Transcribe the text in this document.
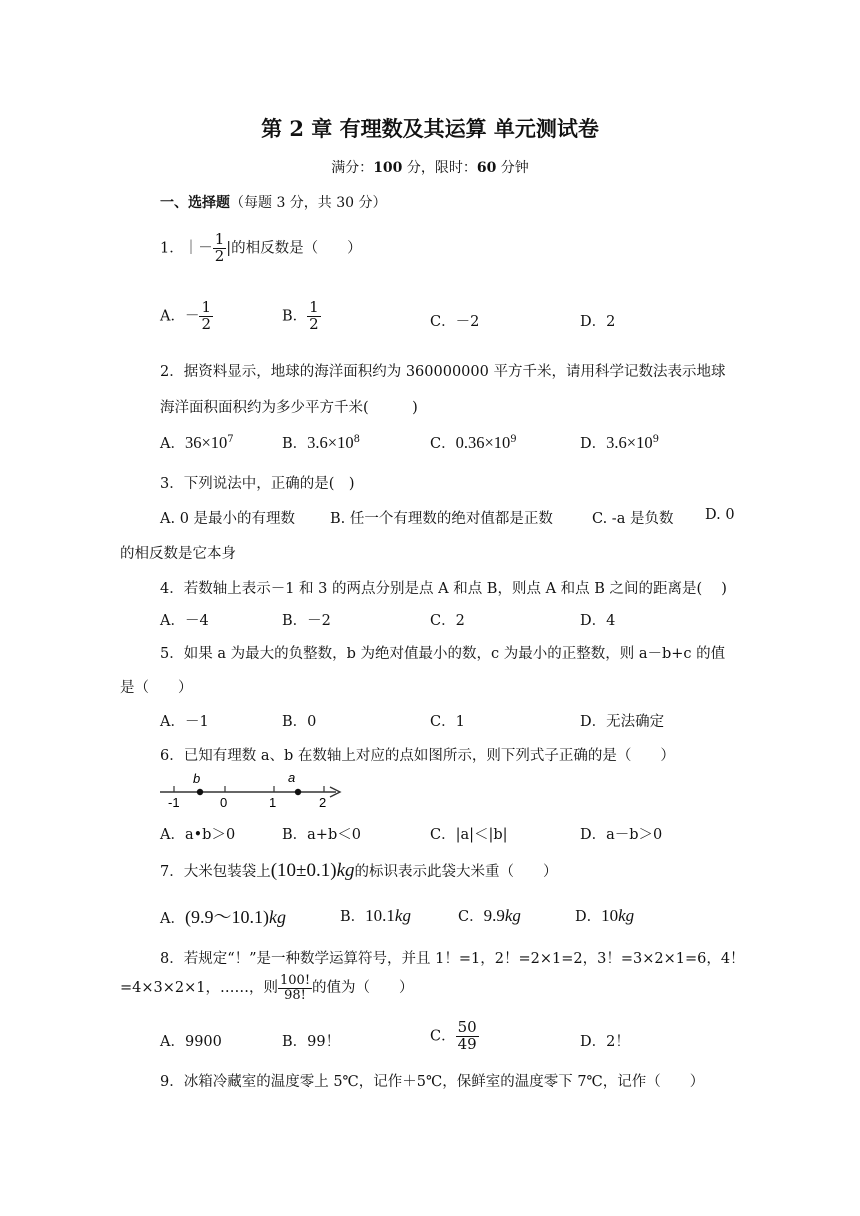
第 2 章 有理数及其运算 单元测试卷
满分：100 分，限时：60 分钟
一、选择题（每题 3 分，共 30 分）
1．｜－ $\frac{1}{2}$ |的相反数是（　　）
A．－ $\frac{1}{2}$	B． $\frac{1}{2}$	C．－2	D．2
2．据资料显示，地球的海洋面积约为 360000000 平方千米，请用科学记数法表示地球
海洋面积面积约为多少平方千米(　　　)
A．$36\times 10^7$	B．$3.6\times 10^8$	C．$0.36\times 10^9$	D．$3.6\times 10^9$
3．下列说法中，正确的是(　)
A. 0 是最小的有理数 B. 任一个有理数的绝对值都是正数	C. -a 是负数 D. 0
的相反数是它本身
4．若数轴上表示－1 和 3 的两点分别是点 A 和点 B，则点 A 和点 B 之间的距离是(　 )
A．－4	B．－2	C．2	D．4
5．如果 a 为最大的负整数，b 为绝对值最小的数，c 为最小的正整数，则 a－b+c 的值
是（　　）
A．－1	B．0	C．1	D．无法确定
6．已知有理数 a、b 在数轴上对应的点如图所示，则下列式子正确的是（　　）
b	a
-1	0	1	2
A．a•b＞0	B．a+b＜0	C．|a|＜|b|	D．a－b＞0
7．大米包装袋上(10±0.1)kg的标识表示此袋大米重（　　）
A．(9.9～10.1)kg	B．10.1kg	C．9.9kg	D．10kg
8．若规定“！”是一种数学运算符号，并且 1！=1，2！=2×1=2，3！=3×2×1=6，4！
=4×3×2×1，……，则 $\frac{100!}{98!}$ 的值为（　　）
A．9900	B．99！	C． $\frac{50}{49}$	D．2！
9．冰箱冷藏室的温度零上 5℃，记作＋5℃，保鲜室的温度零下 7℃，记作（　　）
